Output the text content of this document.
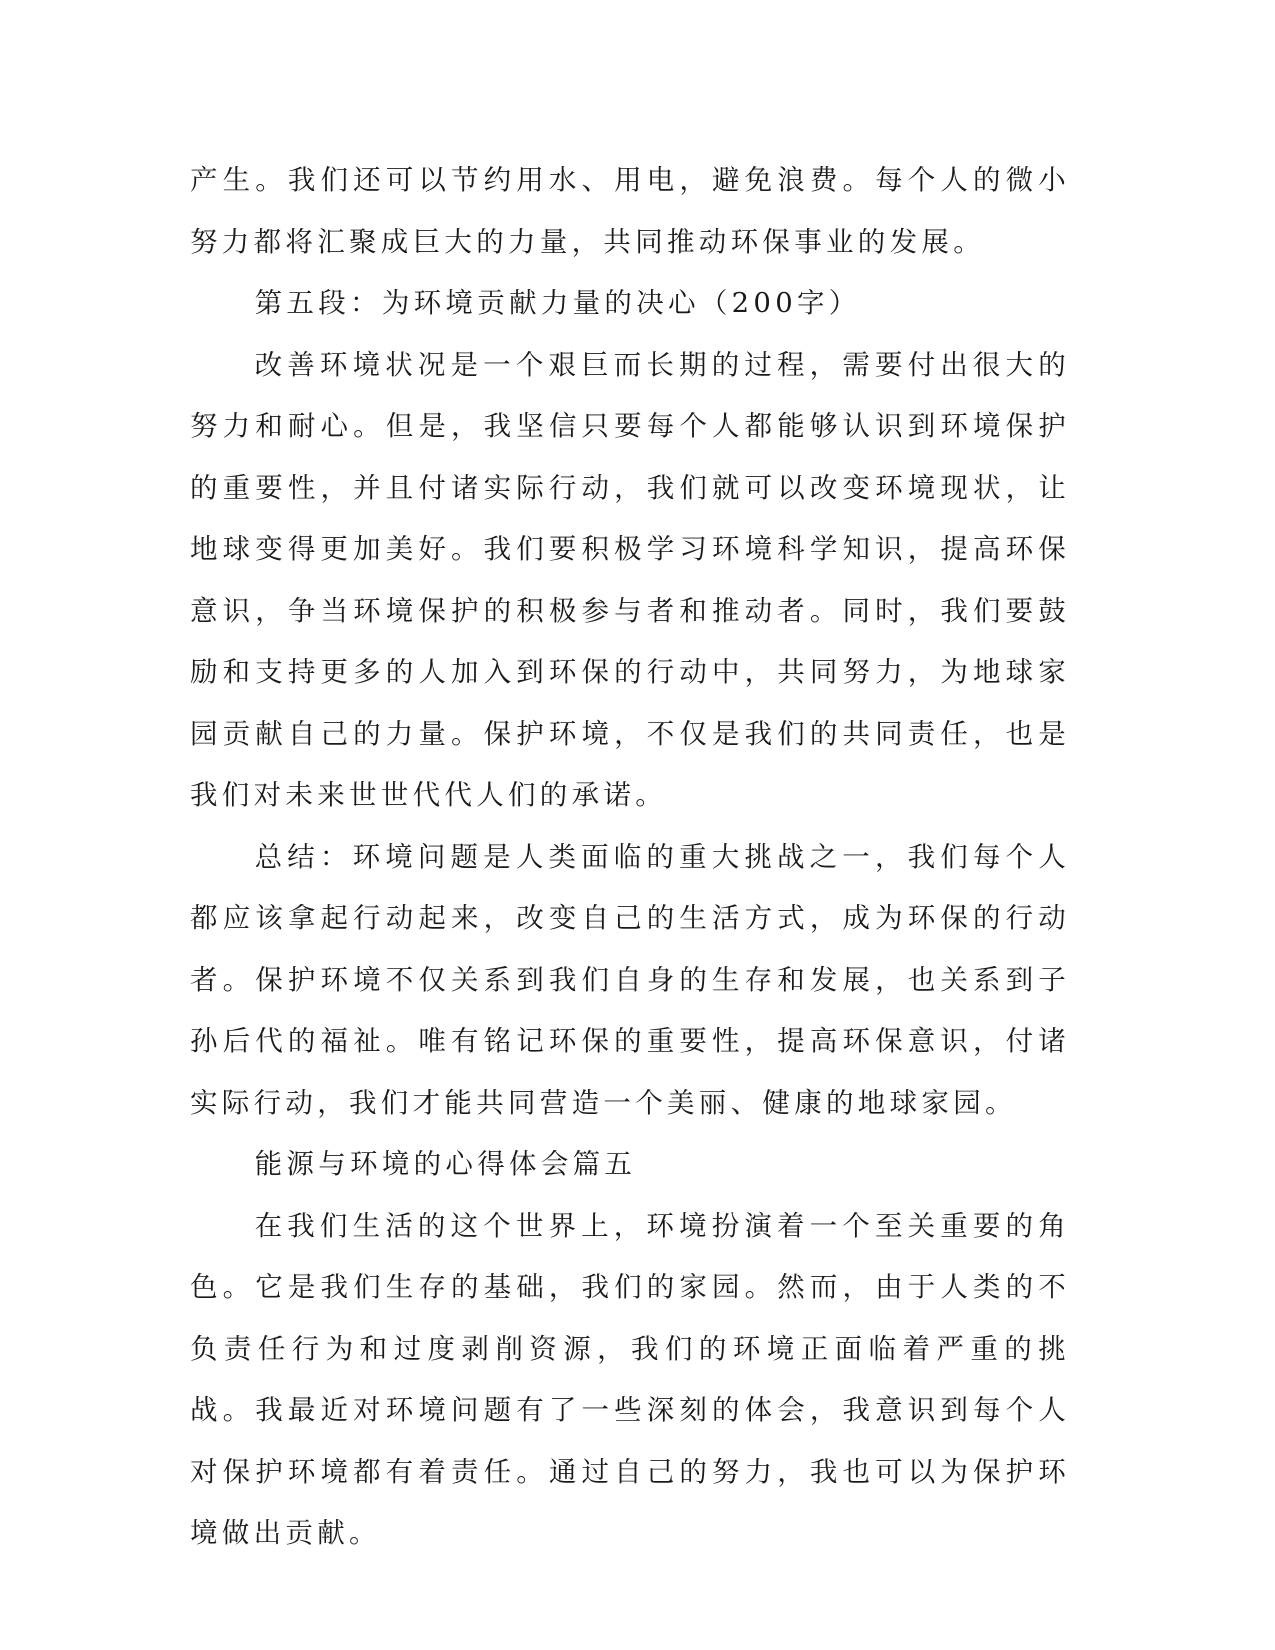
产生。我们还可以节约用水、用电，避免浪费。每个人的微小努力都将汇聚成巨大的力量，共同推动环保事业的发展。

第五段：为环境贡献力量的决心（200字）

改善环境状况是一个艰巨而长期的过程，需要付出很大的努力和耐心。但是，我坚信只要每个人都能够认识到环境保护的重要性，并且付诸实际行动，我们就可以改变环境现状，让地球变得更加美好。我们要积极学习环境科学知识，提高环保意识，争当环境保护的积极参与者和推动者。同时，我们要鼓励和支持更多的人加入到环保的行动中，共同努力，为地球家园贡献自己的力量。保护环境，不仅是我们的共同责任，也是我们对未来世世代代人们的承诺。

总结：环境问题是人类面临的重大挑战之一，我们每个人都应该拿起行动起来，改变自己的生活方式，成为环保的行动者。保护环境不仅关系到我们自身的生存和发展，也关系到子孙后代的福祉。唯有铭记环保的重要性，提高环保意识，付诸实际行动，我们才能共同营造一个美丽、健康的地球家园。

能源与环境的心得体会篇五

在我们生活的这个世界上，环境扮演着一个至关重要的角色。它是我们生存的基础，我们的家园。然而，由于人类的不负责任行为和过度剥削资源，我们的环境正面临着严重的挑战。我最近对环境问题有了一些深刻的体会，我意识到每个人对保护环境都有着责任。通过自己的努力，我也可以为保护环境做出贡献。
